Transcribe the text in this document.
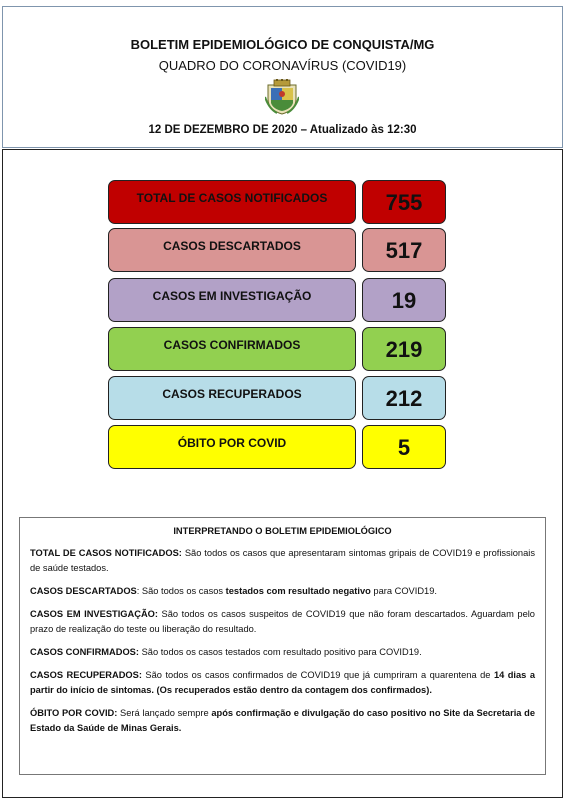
BOLETIM EPIDEMIOLÓGICO DE CONQUISTA/MG
QUADRO DO CORONAVÍRUS (COVID19)
12 DE DEZEMBRO DE 2020 – Atualizado às 12:30
TOTAL DE CASOS NOTIFICADOS	755
CASOS DESCARTADOS	517
CASOS EM INVESTIGAÇÃO	19
CASOS CONFIRMADOS	219
CASOS RECUPERADOS	212
ÓBITO POR COVID	5
INTERPRETANDO O BOLETIM EPIDEMIOLÓGICO

TOTAL DE CASOS NOTIFICADOS: São todos os casos que apresentaram sintomas gripais de COVID19 e profissionais de saúde testados.

CASOS DESCARTADOS: São todos os casos testados com resultado negativo para COVID19.

CASOS EM INVESTIGAÇÃO: São todos os casos suspeitos de COVID19 que não foram descartados. Aguardam pelo prazo de realização do teste ou liberação do resultado.

CASOS CONFIRMADOS: São todos os casos testados com resultado positivo para COVID19.

CASOS RECUPERADOS: São todos os casos confirmados de COVID19 que já cumpriram a quarentena de 14 dias a partir do início de sintomas. (Os recuperados estão dentro da contagem dos confirmados).

ÓBITO POR COVID: Será lançado sempre após confirmação e divulgação do caso positivo no Site da Secretaria de Estado da Saúde de Minas Gerais.
